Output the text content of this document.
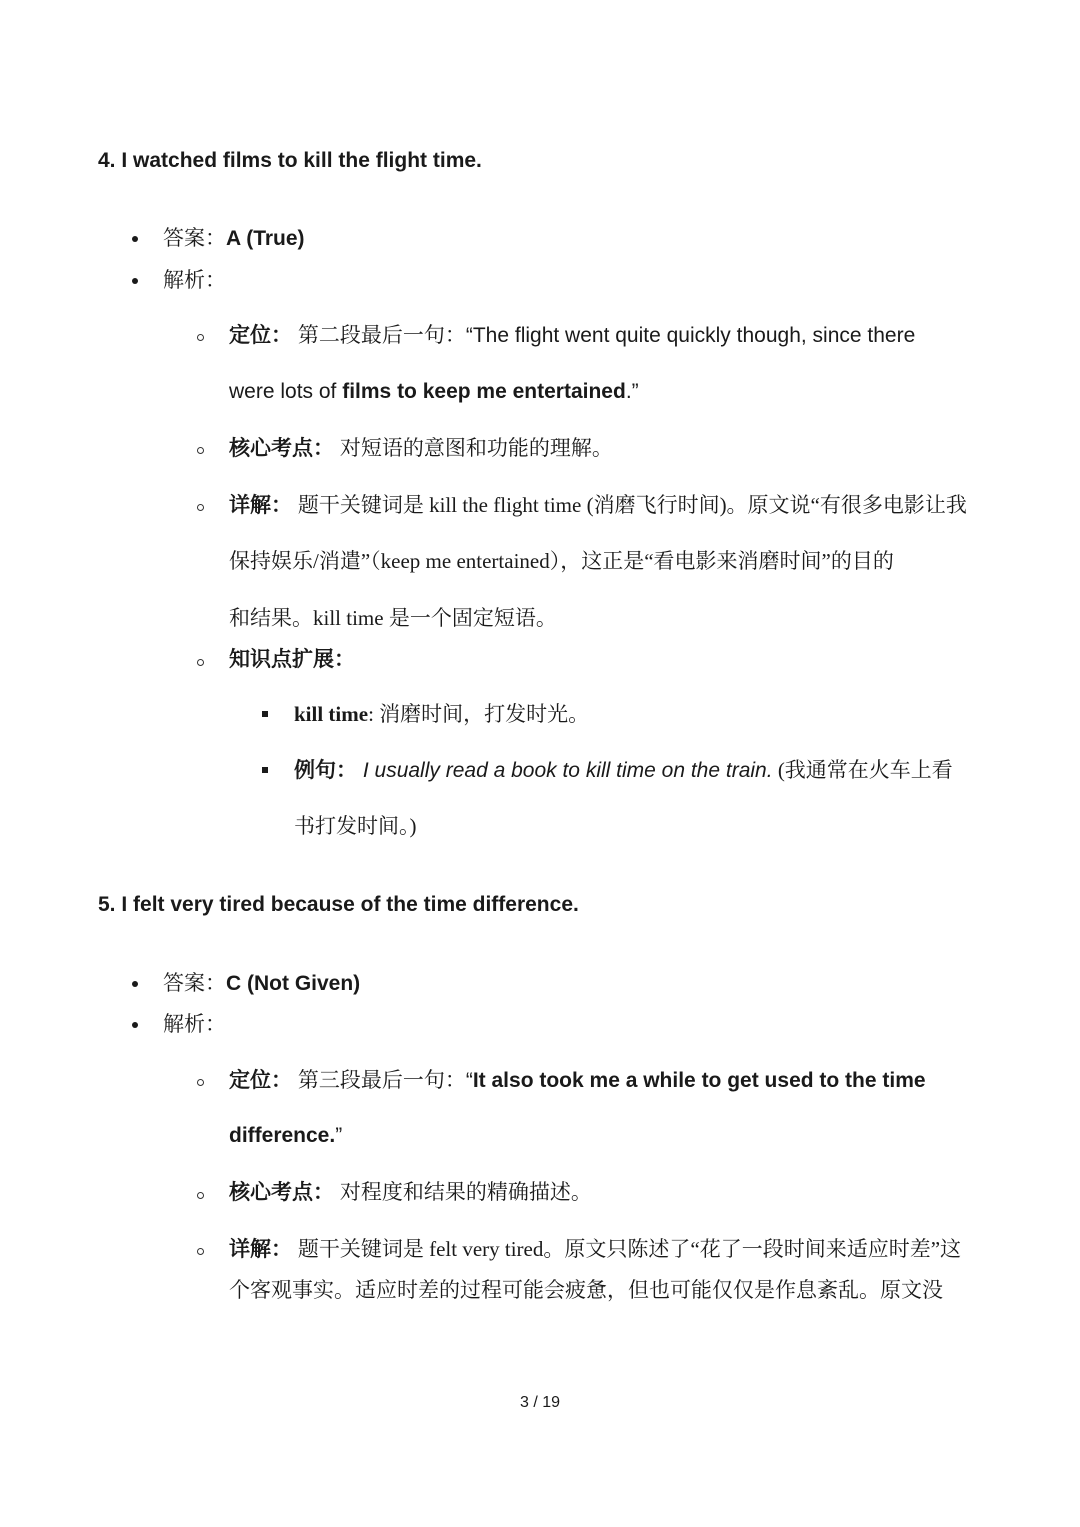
4. I watched films to kill the flight time.
答案：A (True)
解析：
定位： 第二段最后一句：“The flight went quite quickly though, since there
were lots of films to keep me entertained.”
核心考点： 对短语的意图和功能的理解。
详解： 题干关键词是 kill the flight time (消磨飞行时间)。原文说“有很多电影让我
保持娱乐/消遣”（keep me entertained），这正是“看电影来消磨时间”的目的
和结果。kill time 是一个固定短语。
知识点扩展：
kill time: 消磨时间，打发时光。
例句： I usually read a book to kill time on the train. (我通常在火车上看
书打发时间。)
5. I felt very tired because of the time difference.
答案：C (Not Given)
解析：
定位： 第三段最后一句：“It also took me a while to get used to the time
difference.”
核心考点： 对程度和结果的精确描述。
详解： 题干关键词是 felt very tired。原文只陈述了“花了一段时间来适应时差”这
个客观事实。适应时差的过程可能会疲惫，但也可能仅仅是作息紊乱。原文没
3 / 19
